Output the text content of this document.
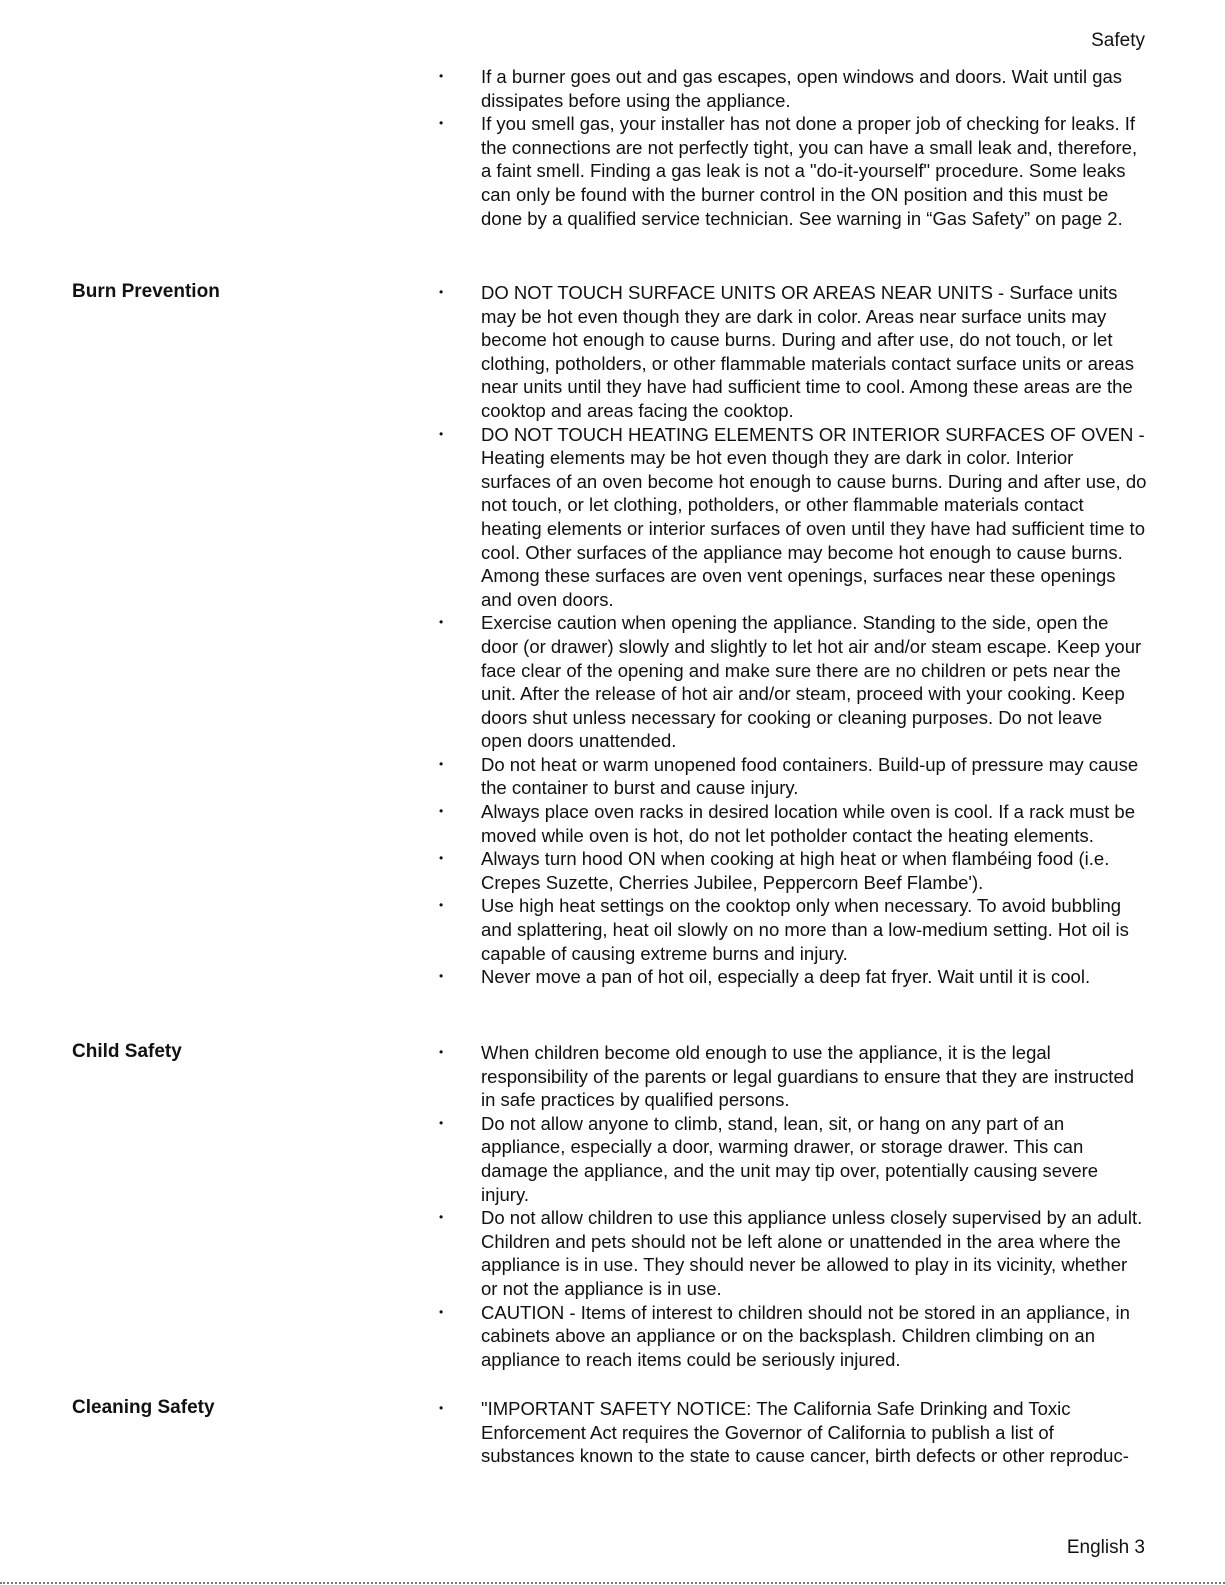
Safety
• If a burner goes out and gas escapes, open windows and doors. Wait until gas dissipates before using the appliance.
• If you smell gas, your installer has not done a proper job of checking for leaks. If the connections are not perfectly tight, you can have a small leak and, therefore, a faint smell. Finding a gas leak is not a "do-it-yourself" procedure. Some leaks can only be found with the burner control in the ON position and this must be done by a qualified service technician. See warning in “Gas Safety” on page 2.
Burn Prevention	• DO NOT TOUCH SURFACE UNITS OR AREAS NEAR UNITS - Surface units may be hot even though they are dark in color. Areas near surface units may become hot enough to cause burns. During and after use, do not touch, or let clothing, potholders, or other flammable materials contact surface units or areas near units until they have had sufficient time to cool. Among these areas are the cooktop and areas facing the cooktop.
• DO NOT TOUCH HEATING ELEMENTS OR INTERIOR SURFACES OF OVEN - Heating elements may be hot even though they are dark in color. Interior surfaces of an oven become hot enough to cause burns. During and after use, do not touch, or let clothing, potholders, or other flammable materials contact heating elements or interior surfaces of oven until they have had sufficient time to cool. Other surfaces of the appliance may become hot enough to cause burns. Among these surfaces are oven vent openings, surfaces near these openings and oven doors.
• Exercise caution when opening the appliance. Standing to the side, open the door (or drawer) slowly and slightly to let hot air and/or steam escape. Keep your face clear of the opening and make sure there are no children or pets near the unit. After the release of hot air and/or steam, proceed with your cooking. Keep doors shut unless necessary for cooking or cleaning purposes. Do not leave open doors unattended.
• Do not heat or warm unopened food containers. Build-up of pressure may cause the container to burst and cause injury.
• Always place oven racks in desired location while oven is cool. If a rack must be moved while oven is hot, do not let potholder contact the heating elements.
• Always turn hood ON when cooking at high heat or when flambéing food (i.e. Crepes Suzette, Cherries Jubilee, Peppercorn Beef Flambe').
• Use high heat settings on the cooktop only when necessary. To avoid bubbling and splattering, heat oil slowly on no more than a low-medium setting. Hot oil is capable of causing extreme burns and injury.
• Never move a pan of hot oil, especially a deep fat fryer. Wait until it is cool.
Child Safety	• When children become old enough to use the appliance, it is the legal responsibility of the parents or legal guardians to ensure that they are instructed in safe practices by qualified persons.
• Do not allow anyone to climb, stand, lean, sit, or hang on any part of an appliance, especially a door, warming drawer, or storage drawer. This can damage the appliance, and the unit may tip over, potentially causing severe injury.
• Do not allow children to use this appliance unless closely supervised by an adult. Children and pets should not be left alone or unattended in the area where the appliance is in use. They should never be allowed to play in its vicinity, whether or not the appliance is in use.
• CAUTION - Items of interest to children should not be stored in an appliance, in cabinets above an appliance or on the backsplash. Children climbing on an appliance to reach items could be seriously injured.
Cleaning Safety	• "IMPORTANT SAFETY NOTICE: The California Safe Drinking and Toxic Enforcement Act requires the Governor of California to publish a list of substances known to the state to cause cancer, birth defects or other reproduc-
English 3
